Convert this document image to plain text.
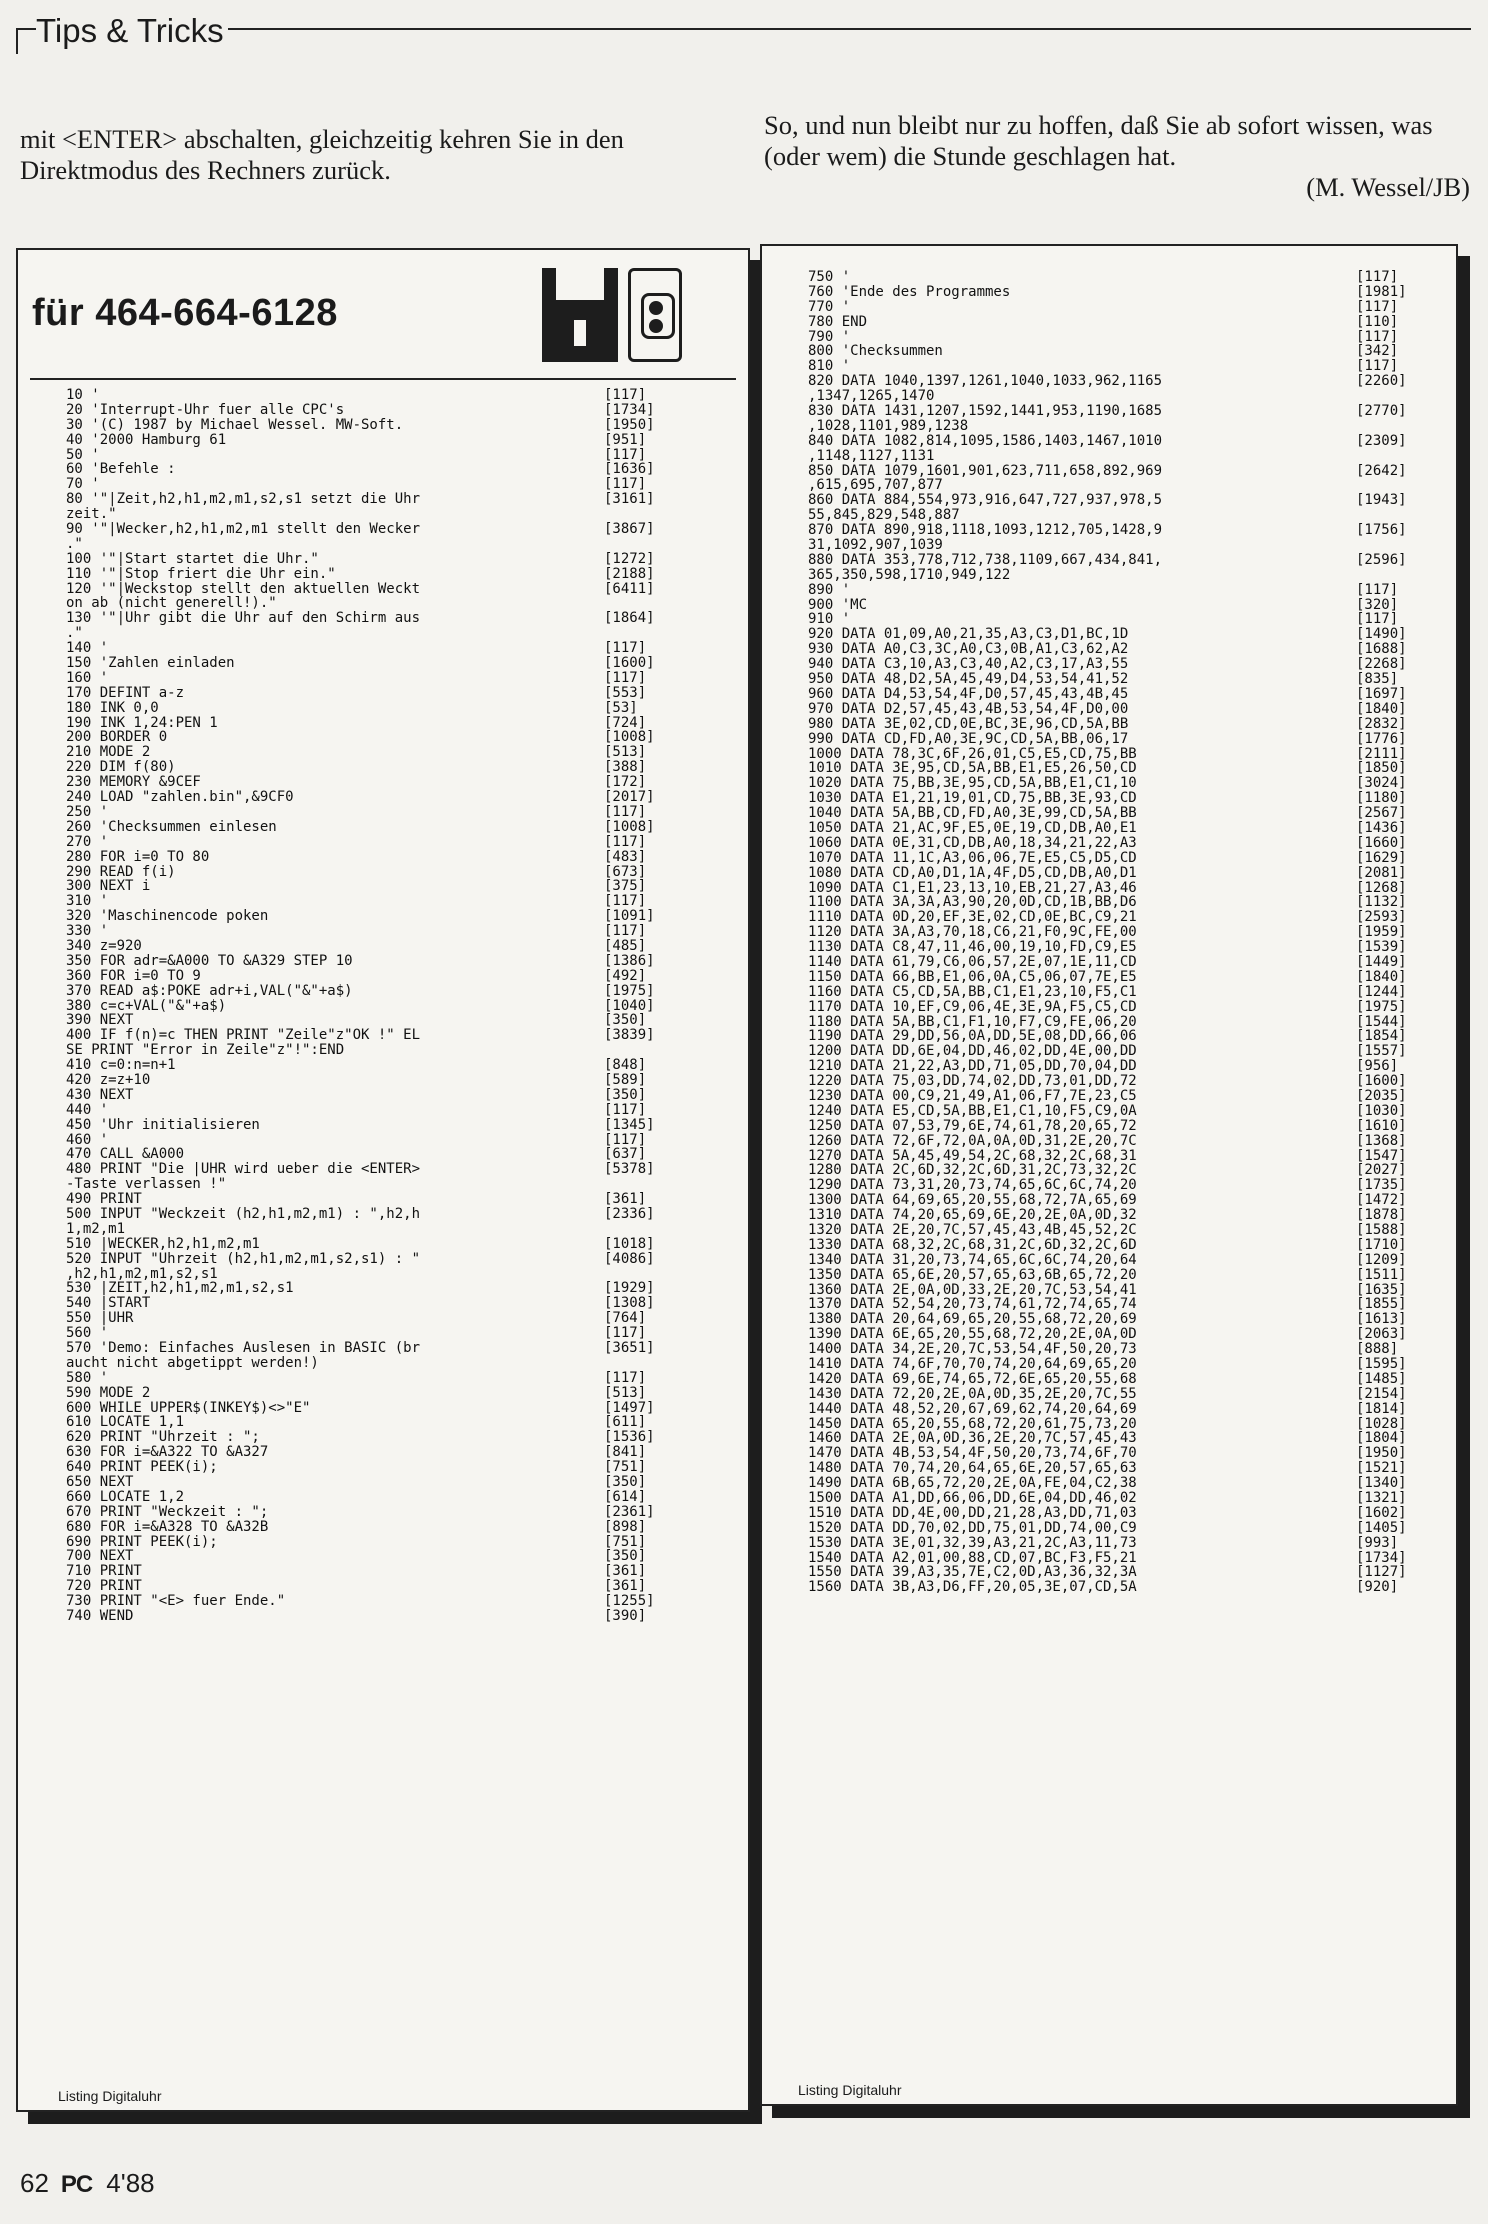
Tips & Tricks

mit <ENTER> abschalten, gleichzeitig kehren Sie in den Direktmodus des Rechners zurück.

So, und nun bleibt nur zu hoffen, daß Sie ab sofort wissen, was (oder wem) die Stunde geschlagen hat.

(M. Wessel/JB)

für 464-664-6128
10 '	[117]
20 'Interrupt-Uhr fuer alle CPC's	[1734]
30 '(C) 1987 by Michael Wessel. MW-Soft.	[1950]
40 '2000 Hamburg 61	[951]
50 '	[117]
60 'Befehle :	[1636]
70 '	[117]
80 '"|Zeit,h2,h1,m2,m1,s2,s1 setzt die Uhr	[3161]
zeit."
90 '"|Wecker,h2,h1,m2,m1 stellt den Wecker	[3867]
."
100 '"|Start startet die Uhr."	[1272]
110 '"|Stop friert die Uhr ein."	[2188]
120 '"|Weckstop stellt den aktuellen Weckt	[6411]
on ab (nicht generell!)."
130 '"|Uhr gibt die Uhr auf den Schirm aus	[1864]
."
140 '	[117]
150 'Zahlen einladen	[1600]
160 '	[117]
170 DEFINT a-z	[553]
180 INK 0,0	[53]
190 INK 1,24:PEN 1	[724]
200 BORDER 0	[1008]
210 MODE 2	[513]
220 DIM f(80)	[388]
230 MEMORY &9CEF	[172]
240 LOAD "zahlen.bin",&9CF0	[2017]
250 '	[117]
260 'Checksummen einlesen	[1008]
270 '	[117]
280 FOR i=0 TO 80	[483]
290 READ f(i)	[673]
300 NEXT i	[375]
310 '	[117]
320 'Maschinencode poken	[1091]
330 '	[117]
340 z=920	[485]
350 FOR adr=&A000 TO &A329 STEP 10	[1386]
360 FOR i=0 TO 9	[492]
370 READ a$:POKE adr+i,VAL("&"+a$)	[1975]
380 c=c+VAL("&"+a$)	[1040]
390 NEXT	[350]
400 IF f(n)=c THEN PRINT "Zeile"z"OK !" EL	[3839]
SE PRINT "Error in Zeile"z"!":END
410 c=0:n=n+1	[848]
420 z=z+10	[589]
430 NEXT	[350]
440 '	[117]
450 'Uhr initialisieren	[1345]
460 '	[117]
470 CALL &A000	[637]
480 PRINT "Die |UHR wird ueber die <ENTER>	[5378]
-Taste verlassen !"
490 PRINT	[361]
500 INPUT "Weckzeit (h2,h1,m2,m1) : ",h2,h	[2336]
1,m2,m1
510 |WECKER,h2,h1,m2,m1	[1018]
520 INPUT "Uhrzeit (h2,h1,m2,m1,s2,s1) : "	[4086]
,h2,h1,m2,m1,s2,s1
530 |ZEIT,h2,h1,m2,m1,s2,s1	[1929]
540 |START	[1308]
550 |UHR	[764]
560 '	[117]
570 'Demo: Einfaches Auslesen in BASIC (br	[3651]
aucht nicht abgetippt werden!)
580 '	[117]
590 MODE 2	[513]
600 WHILE UPPER$(INKEY$)<>"E"	[1497]
610 LOCATE 1,1	[611]
620 PRINT "Uhrzeit : ";	[1536]
630 FOR i=&A322 TO &A327	[841]
640 PRINT PEEK(i);	[751]
650 NEXT	[350]
660 LOCATE 1,2	[614]
670 PRINT "Weckzeit : ";	[2361]
680 FOR i=&A328 TO &A32B	[898]
690 PRINT PEEK(i);	[751]
700 NEXT	[350]
710 PRINT	[361]
720 PRINT	[361]
730 PRINT "<E> fuer Ende."	[1255]
740 WEND	[390]
Listing Digitaluhr
750 '	[117]
760 'Ende des Programmes	[1981]
770 '	[117]
780 END	[110]
790 '	[117]
800 'Checksummen	[342]
810 '	[117]
820 DATA 1040,1397,1261,1040,1033,962,1165	[2260]
,1347,1265,1470
830 DATA 1431,1207,1592,1441,953,1190,1685	[2770]
,1028,1101,989,1238
840 DATA 1082,814,1095,1586,1403,1467,1010	[2309]
,1148,1127,1131
850 DATA 1079,1601,901,623,711,658,892,969	[2642]
,615,695,707,877
860 DATA 884,554,973,916,647,727,937,978,5	[1943]
55,845,829,548,887
870 DATA 890,918,1118,1093,1212,705,1428,9	[1756]
31,1092,907,1039
880 DATA 353,778,712,738,1109,667,434,841,	[2596]
365,350,598,1710,949,122
890 '	[117]
900 'MC	[320]
910 '	[117]
920 DATA 01,09,A0,21,35,A3,C3,D1,BC,1D	[1490]
930 DATA A0,C3,3C,A0,C3,0B,A1,C3,62,A2	[1688]
940 DATA C3,10,A3,C3,40,A2,C3,17,A3,55	[2268]
950 DATA 48,D2,5A,45,49,D4,53,54,41,52	[835]
960 DATA D4,53,54,4F,D0,57,45,43,4B,45	[1697]
970 DATA D2,57,45,43,4B,53,54,4F,D0,00	[1840]
980 DATA 3E,02,CD,0E,BC,3E,96,CD,5A,BB	[2832]
990 DATA CD,FD,A0,3E,9C,CD,5A,BB,06,17	[1776]
1000 DATA 78,3C,6F,26,01,C5,E5,CD,75,BB	[2111]
1010 DATA 3E,95,CD,5A,BB,E1,E5,26,50,CD	[1850]
1020 DATA 75,BB,3E,95,CD,5A,BB,E1,C1,10	[3024]
1030 DATA E1,21,19,01,CD,75,BB,3E,93,CD	[1180]
1040 DATA 5A,BB,CD,FD,A0,3E,99,CD,5A,BB	[2567]
1050 DATA 21,AC,9F,E5,0E,19,CD,DB,A0,E1	[1436]
1060 DATA 0E,31,CD,DB,A0,18,34,21,22,A3	[1660]
1070 DATA 11,1C,A3,06,06,7E,E5,C5,D5,CD	[1629]
1080 DATA CD,A0,D1,1A,4F,D5,CD,DB,A0,D1	[2081]
1090 DATA C1,E1,23,13,10,EB,21,27,A3,46	[1268]
1100 DATA 3A,3A,A3,90,20,0D,CD,1B,BB,D6	[1132]
1110 DATA 0D,20,EF,3E,02,CD,0E,BC,C9,21	[2593]
1120 DATA 3A,A3,70,18,C6,21,F0,9C,FE,00	[1959]
1130 DATA C8,47,11,46,00,19,10,FD,C9,E5	[1539]
1140 DATA 61,79,C6,06,57,2E,07,1E,11,CD	[1449]
1150 DATA 66,BB,E1,06,0A,C5,06,07,7E,E5	[1840]
1160 DATA C5,CD,5A,BB,C1,E1,23,10,F5,C1	[1244]
1170 DATA 10,EF,C9,06,4E,3E,9A,F5,C5,CD	[1975]
1180 DATA 5A,BB,C1,F1,10,F7,C9,FE,06,20	[1544]
1190 DATA 29,DD,56,0A,DD,5E,08,DD,66,06	[1854]
1200 DATA DD,6E,04,DD,46,02,DD,4E,00,DD	[1557]
1210 DATA 21,22,A3,DD,71,05,DD,70,04,DD	[956]
1220 DATA 75,03,DD,74,02,DD,73,01,DD,72	[1600]
1230 DATA 00,C9,21,49,A1,06,F7,7E,23,C5	[2035]
1240 DATA E5,CD,5A,BB,E1,C1,10,F5,C9,0A	[1030]
1250 DATA 07,53,79,6E,74,61,78,20,65,72	[1610]
1260 DATA 72,6F,72,0A,0A,0D,31,2E,20,7C	[1368]
1270 DATA 5A,45,49,54,2C,68,32,2C,68,31	[1547]
1280 DATA 2C,6D,32,2C,6D,31,2C,73,32,2C	[2027]
1290 DATA 73,31,20,73,74,65,6C,6C,74,20	[1735]
1300 DATA 64,69,65,20,55,68,72,7A,65,69	[1472]
1310 DATA 74,20,65,69,6E,20,2E,0A,0D,32	[1878]
1320 DATA 2E,20,7C,57,45,43,4B,45,52,2C	[1588]
1330 DATA 68,32,2C,68,31,2C,6D,32,2C,6D	[1710]
1340 DATA 31,20,73,74,65,6C,6C,74,20,64	[1209]
1350 DATA 65,6E,20,57,65,63,6B,65,72,20	[1511]
1360 DATA 2E,0A,0D,33,2E,20,7C,53,54,41	[1635]
1370 DATA 52,54,20,73,74,61,72,74,65,74	[1855]
1380 DATA 20,64,69,65,20,55,68,72,20,69	[1613]
1390 DATA 6E,65,20,55,68,72,20,2E,0A,0D	[2063]
1400 DATA 34,2E,20,7C,53,54,4F,50,20,73	[888]
1410 DATA 74,6F,70,70,74,20,64,69,65,20	[1595]
1420 DATA 69,6E,74,65,72,6E,65,20,55,68	[1485]
1430 DATA 72,20,2E,0A,0D,35,2E,20,7C,55	[2154]
1440 DATA 48,52,20,67,69,62,74,20,64,69	[1814]
1450 DATA 65,20,55,68,72,20,61,75,73,20	[1028]
1460 DATA 2E,0A,0D,36,2E,20,7C,57,45,43	[1804]
1470 DATA 4B,53,54,4F,50,20,73,74,6F,70	[1950]
1480 DATA 70,74,20,64,65,6E,20,57,65,63	[1521]
1490 DATA 6B,65,72,20,2E,0A,FE,04,C2,38	[1340]
1500 DATA A1,DD,66,06,DD,6E,04,DD,46,02	[1321]
1510 DATA DD,4E,00,DD,21,28,A3,DD,71,03	[1602]
1520 DATA DD,70,02,DD,75,01,DD,74,00,C9	[1405]
1530 DATA 3E,01,32,39,A3,21,2C,A3,11,73	[993]
1540 DATA A2,01,00,88,CD,07,BC,F3,F5,21	[1734]
1550 DATA 39,A3,35,7E,C2,0D,A3,36,32,3A	[1127]
1560 DATA 3B,A3,D6,FF,20,05,3E,07,CD,5A	[920]
Listing Digitaluhr
62 PC 4'88
